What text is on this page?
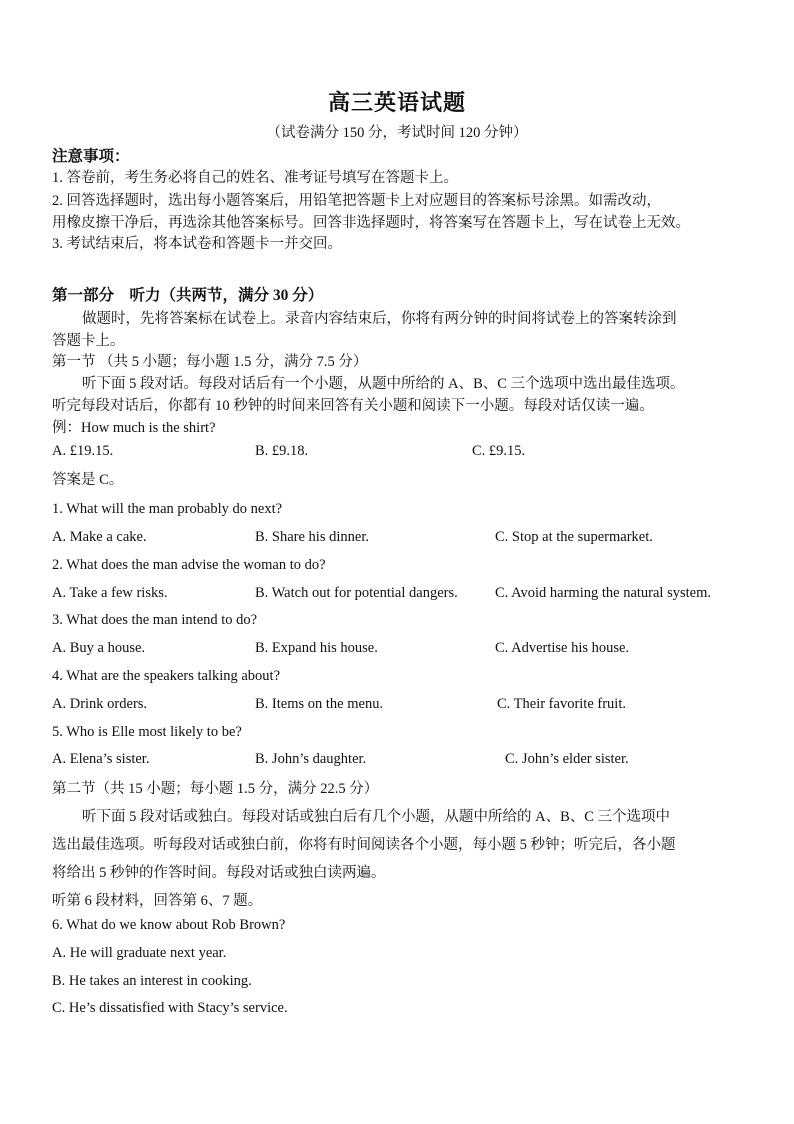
高三英语试题
（试卷满分 150 分，考试时间 120 分钟）
注意事项：
1. 答卷前，考生务必将自己的姓名、准考证号填写在答题卡上。
2. 回答选择题时，选出每小题答案后，用铅笔把答题卡上对应题目的答案标号涂黑。如需改动，
用橡皮擦干净后，再选涂其他答案标号。回答非选择题时，将答案写在答题卡上，写在试卷上无效。
3. 考试结束后，将本试卷和答题卡一并交回。
第一部分　听力（共两节，满分 30 分）
做题时，先将答案标在试卷上。录音内容结束后，你将有两分钟的时间将试卷上的答案转涂到
答题卡上。
第一节 （共 5 小题；每小题 1.5 分，满分 7.5 分）
听下面 5 段对话。每段对话后有一个小题，从题中所给的 A、B、C 三个选项中选出最佳选项。
听完每段对话后，你都有 10 秒钟的时间来回答有关小题和阅读下一小题。每段对话仅读一遍。
例：How much is the shirt?
A. £19.15.	B. £9.18.	C. £9.15.
答案是 C。
1. What will the man probably do next?
A. Make a cake.	B. Share his dinner.	C. Stop at the supermarket.
2. What does the man advise the woman to do?
A. Take a few risks.	B. Watch out for potential dangers.	C. Avoid harming the natural system.
3. What does the man intend to do?
A. Buy a house.	B. Expand his house.	C. Advertise his house.
4. What are the speakers talking about?
A. Drink orders.	B. Items on the menu.	C. Their favorite fruit.
5. Who is Elle most likely to be?
A. Elena’s sister.	B. John’s daughter.	C. John’s elder sister.
第二节（共 15 小题；每小题 1.5 分，满分 22.5 分）
听下面 5 段对话或独白。每段对话或独白后有几个小题，从题中所给的 A、B、C 三个选项中
选出最佳选项。听每段对话或独白前，你将有时间阅读各个小题，每小题 5 秒钟；听完后，各小题
将给出 5 秒钟的作答时间。每段对话或独白读两遍。
听第 6 段材料，回答第 6、7 题。
6. What do we know about Rob Brown?
A. He will graduate next year.
B. He takes an interest in cooking.
C. He’s dissatisfied with Stacy’s service.
